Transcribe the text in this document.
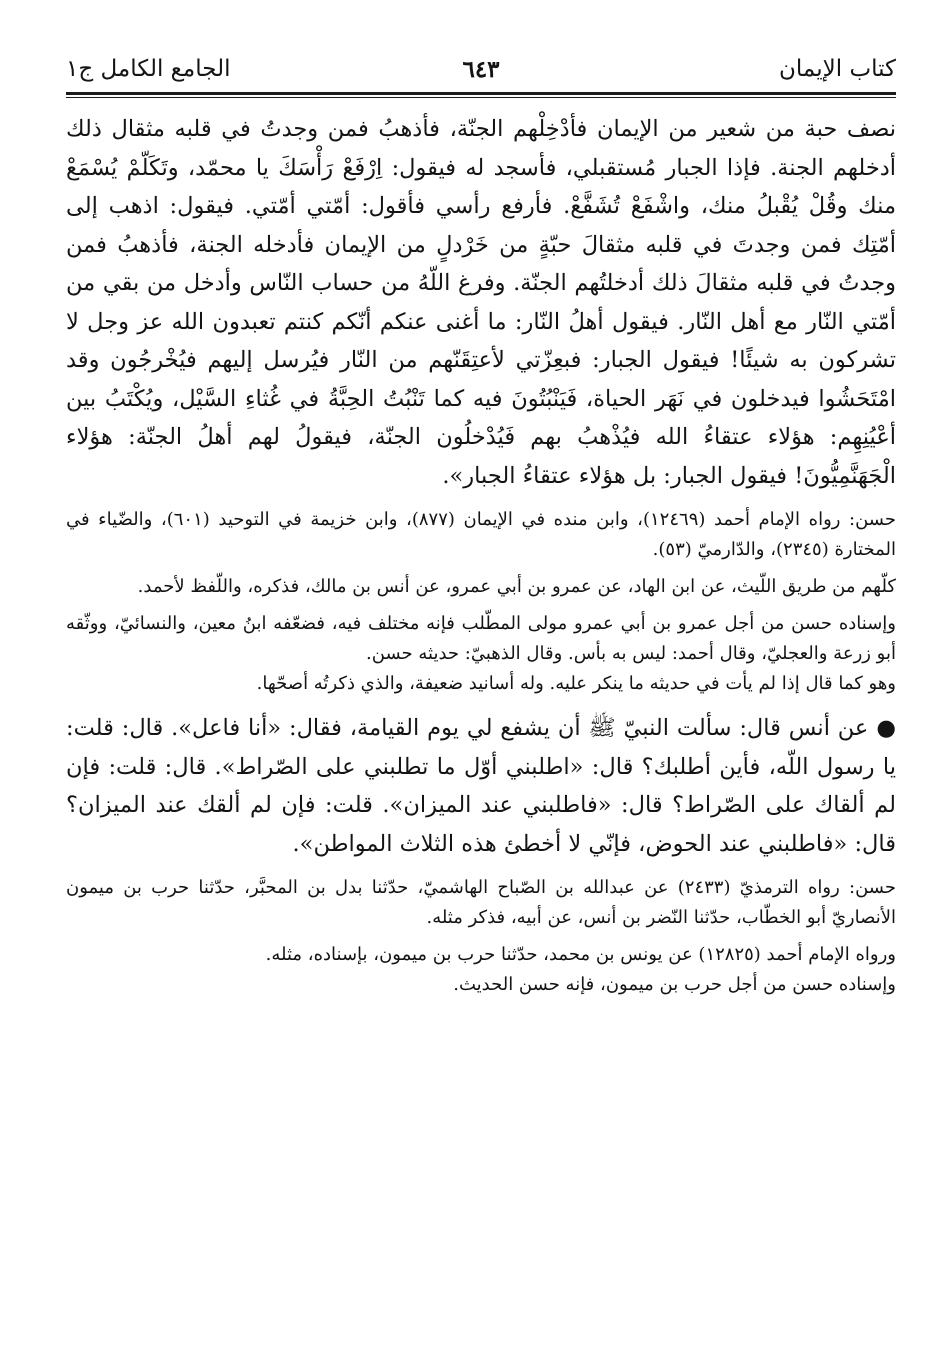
كتاب الإيمان
٦٤٣
الجامع الكامل ج١

نصف حبة من شعير من الإيمان فأدْخِلْهم الجنّة، فأذهبُ فمن وجدتُ في قلبه مثقال ذلك أدخلهم الجنة. فإذا الجبار مُستقبلي، فأسجد له فيقول: اِرْفَعْ رَأْسَكَ يا محمّد، وتَكَلّمْ يُسْمَعْ منك وقُلْ يُقْبلُ منك، واشْفَعْ تُشَفَّعْ. فأرفع رأسي فأقول: أمّتي أمّتي. فيقول: اذهب إلى أمّتِك فمن وجدتَ في قلبه مثقالَ حبّةٍ من خَرْدلٍ من الإيمان فأدخله الجنة، فأذهبُ فمن وجدتُ في قلبه مثقالَ ذلك أدخلتُهم الجنّة. وفرغ اللّهُ من حساب النّاس وأدخل من بقي من أمّتي النّار مع أهل النّار. فيقول أهلُ النّار: ما أغنى عنكم أنّكم كنتم تعبدون الله عز وجل لا تشركون به شيئًا! فيقول الجبار: فبعِزّتي لأعتِقَنّهم من النّار فيُرسل إليهم فيُخْرجُون وقد امْتَحَشُوا فيدخلون في نَهَر الحياة، فَيَنْبُتُونَ فيه كما تَنْبُتُ الحِبَّةُ في غُثاءِ السَّيْل، ويُكْتَبُ بين أعْيُنِهِم: هؤلاء عتقاءُ الله فيُذْهبُ بهم فَيُدْخلُون الجنّة، فيقولُ لهم أهلُ الجنّة: هؤلاء الْجَهَنَّمِيُّونَ! فيقول الجبار: بل هؤلاء عتقاءُ الجبار».

حسن: رواه الإمام أحمد (١٢٤٦٩)، وابن منده في الإيمان (٨٧٧)، وابن خزيمة في التوحيد (٦٠١)، والضّياء في المختارة (٢٣٤٥)، والدّارميّ (٥٣).

كلّهم من طريق اللّيث، عن ابن الهاد، عن عمرو بن أبي عمرو، عن أنس بن مالك، فذكره، واللّفظ لأحمد.

وإسناده حسن من أجل عمرو بن أبي عمرو مولى المطّلب فإنه مختلف فيه، فضعّفه ابنُ معين، والنسائيّ، ووثّقه أبو زرعة والعجليّ، وقال أحمد: ليس به بأس. وقال الذهبيّ: حديثه حسن.

وهو كما قال إذا لم يأت في حديثه ما ينكر عليه. وله أسانيد ضعيفة، والذي ذكرتُه أصحّها.

●عن أنس قال: سألت النبيّ ﷺ أن يشفع لي يوم القيامة، فقال: «أنا فاعل». قال: قلت: يا رسول اللّه، فأين أطلبك؟ قال: «اطلبني أوّل ما تطلبني على الصّراط». قال: قلت: فإن لم ألقاك على الصّراط؟ قال: «فاطلبني عند الميزان». قلت: فإن لم ألقك عند الميزان؟ قال: «فاطلبني عند الحوض، فإنّي لا أخطئ هذه الثلاث المواطن».

حسن: رواه الترمذيّ (٢٤٣٣) عن عبدالله بن الصّباح الهاشميّ، حدّثنا بدل بن المحبَّر، حدّثنا حرب بن ميمون الأنصاريّ أبو الخطّاب، حدّثنا النّضر بن أنس، عن أبيه، فذكر مثله.

ورواه الإمام أحمد (١٢٨٢٥) عن يونس بن محمد، حدّثنا حرب بن ميمون، بإسناده، مثله.

وإسناده حسن من أجل حرب بن ميمون، فإنه حسن الحديث.
